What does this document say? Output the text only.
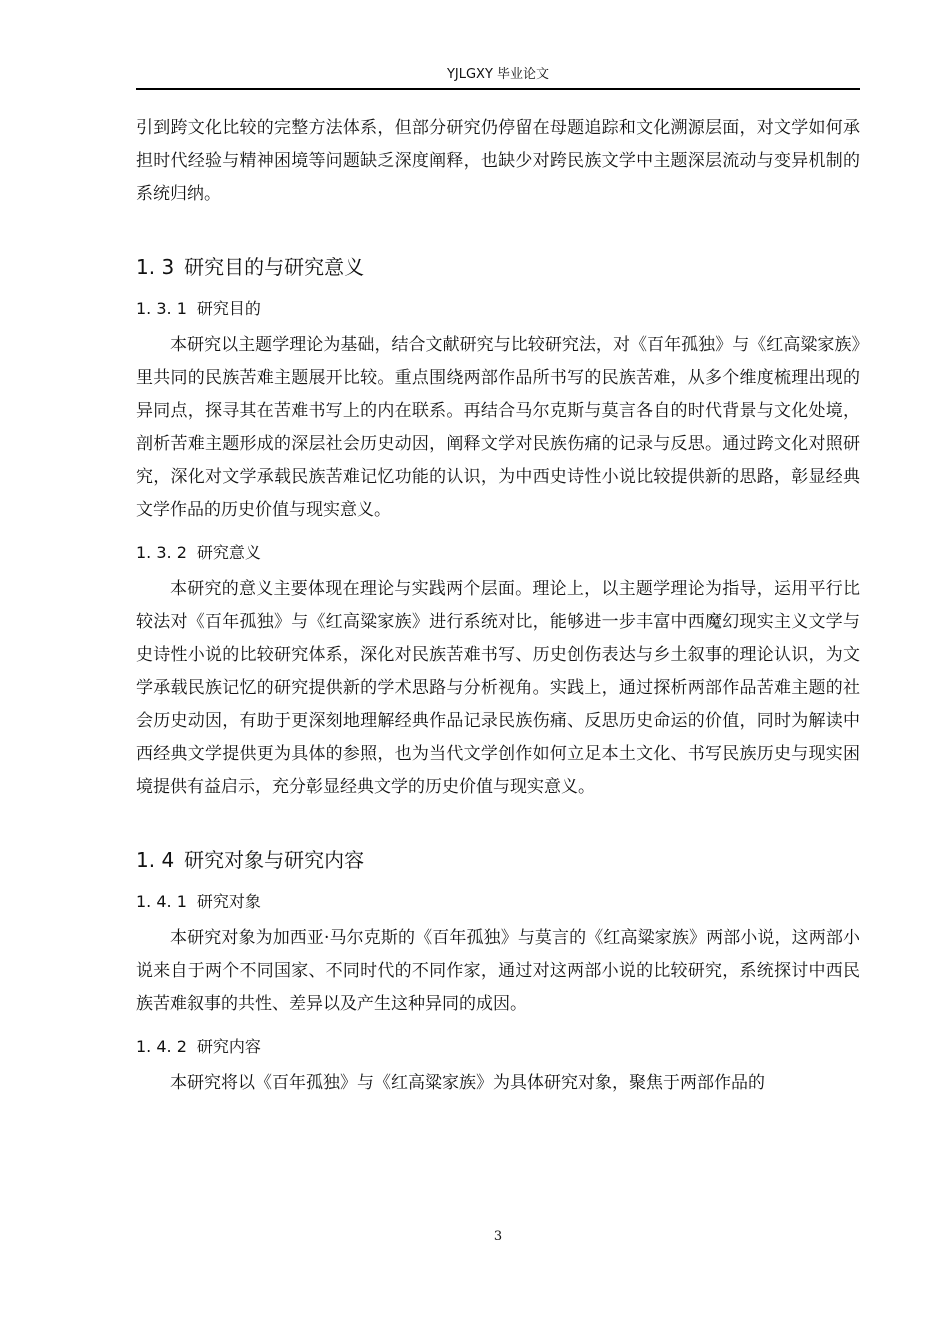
YJLGXY 毕业论文

引到跨文化比较的完整方法体系，但部分研究仍停留在母题追踪和文化溯源层面，对文学如何承担时代经验与精神困境等问题缺乏深度阐释，也缺少对跨民族文学中主题深层流动与变异机制的系统归纳。

1. 3 研究目的与研究意义
1. 3. 1 研究目的

本研究以主题学理论为基础，结合文献研究与比较研究法，对《百年孤独》与《红高粱家族》里共同的民族苦难主题展开比较。重点围绕两部作品所书写的民族苦难，从多个维度梳理出现的异同点，探寻其在苦难书写上的内在联系。再结合马尔克斯与莫言各自的时代背景与文化处境，剖析苦难主题形成的深层社会历史动因，阐释文学对民族伤痛的记录与反思。通过跨文化对照研究，深化对文学承载民族苦难记忆功能的认识，为中西史诗性小说比较提供新的思路，彰显经典文学作品的历史价值与现实意义。

1. 3. 2 研究意义

本研究的意义主要体现在理论与实践两个层面。理论上，以主题学理论为指导，运用平行比较法对《百年孤独》与《红高粱家族》进行系统对比，能够进一步丰富中西魔幻现实主义文学与史诗性小说的比较研究体系，深化对民族苦难书写、历史创伤表达与乡土叙事的理论认识，为文学承载民族记忆的研究提供新的学术思路与分析视角。实践上，通过探析两部作品苦难主题的社会历史动因，有助于更深刻地理解经典作品记录民族伤痛、反思历史命运的价值，同时为解读中西经典文学提供更为具体的参照，也为当代文学创作如何立足本土文化、书写民族历史与现实困境提供有益启示，充分彰显经典文学的历史价值与现实意义。

1. 4 研究对象与研究内容
1. 4. 1 研究对象

本研究对象为加西亚·马尔克斯的《百年孤独》与莫言的《红高粱家族》两部小说，这两部小说来自于两个不同国家、不同时代的不同作家，通过对这两部小说的比较研究，系统探讨中西民族苦难叙事的共性、差异以及产生这种异同的成因。

1. 4. 2 研究内容

本研究将以《百年孤独》与《红高粱家族》为具体研究对象，聚焦于两部作品的

3
